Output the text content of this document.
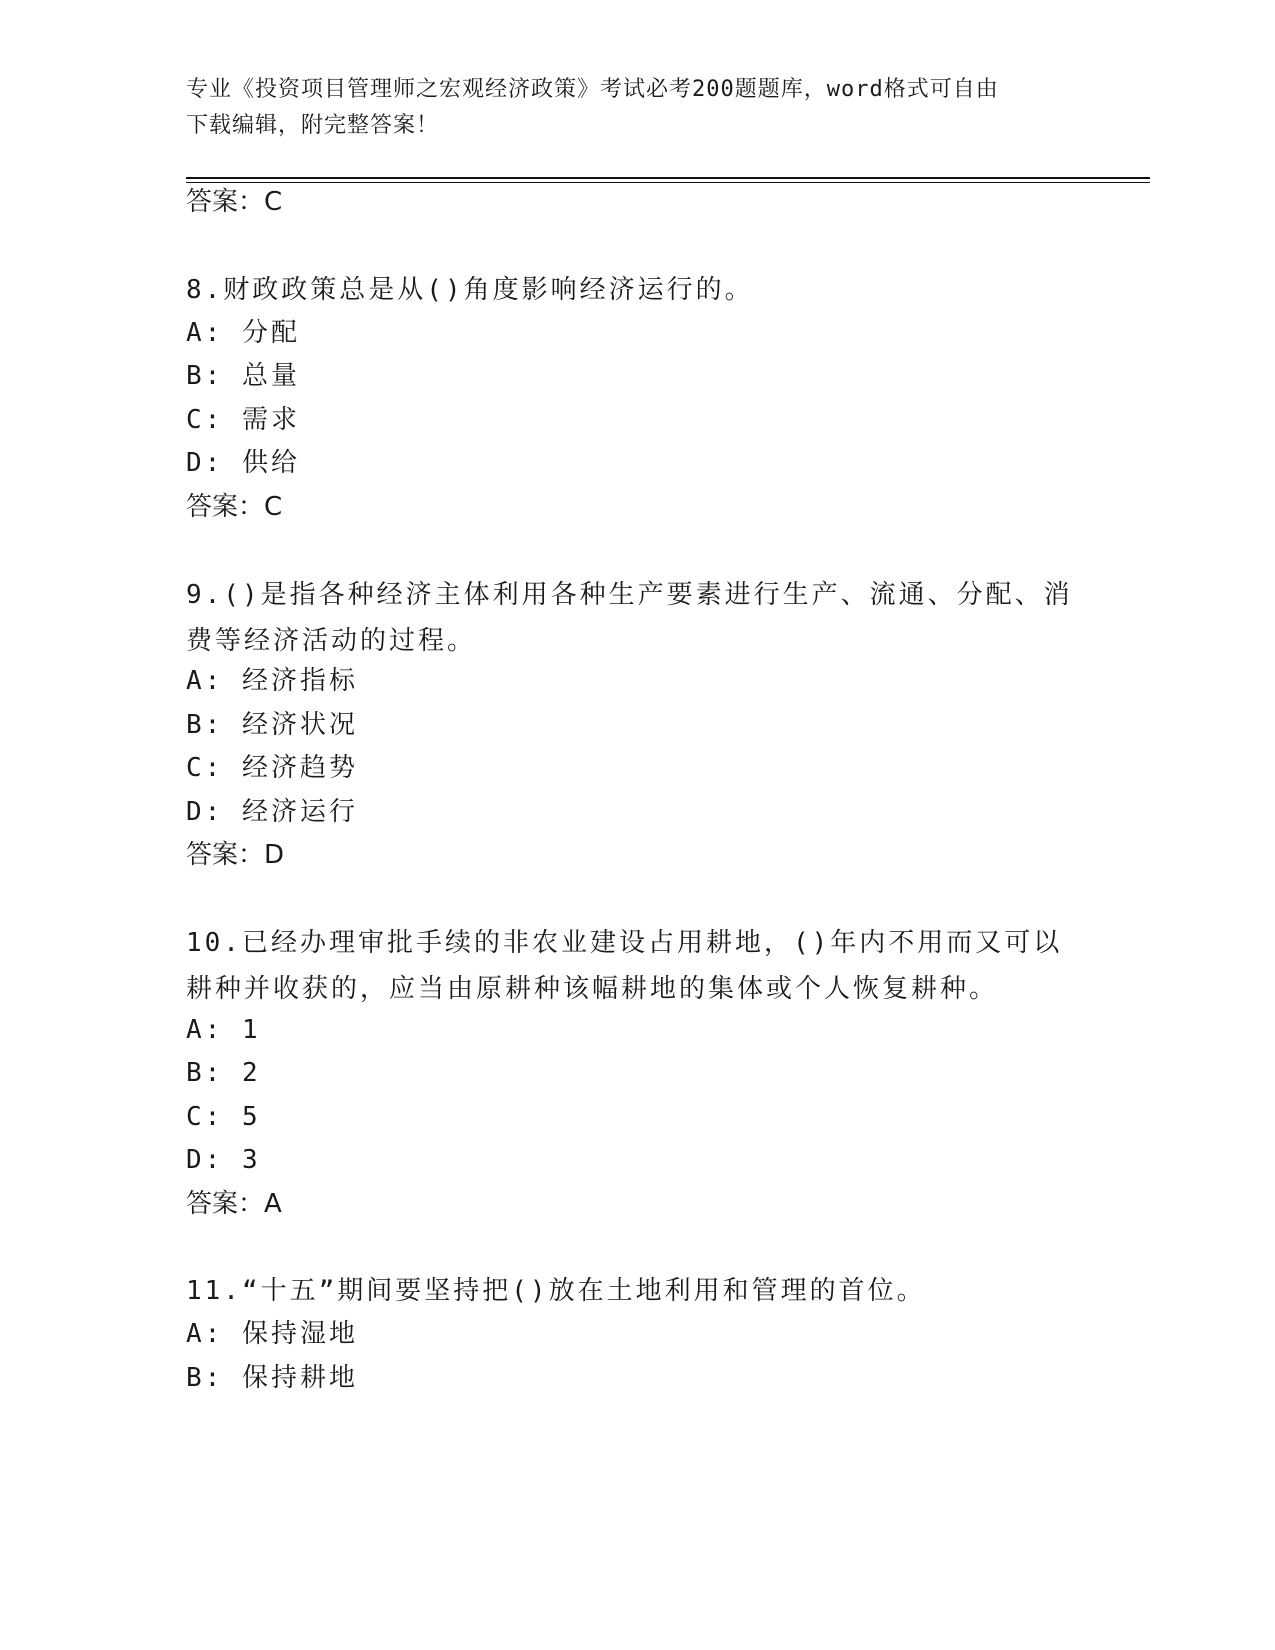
专业《投资项目管理师之宏观经济政策》考试必考200题题库，word格式可自由
下载编辑，附完整答案！
答案：C
8.财政政策总是从()角度影响经济运行的。
A: 分配
B: 总量
C: 需求
D: 供给
答案：C
9.()是指各种经济主体利用各种生产要素进行生产、流通、分配、消费等经济活动的过程。
A: 经济指标
B: 经济状况
C: 经济趋势
D: 经济运行
答案：D
10.已经办理审批手续的非农业建设占用耕地，()年内不用而又可以耕种并收获的，应当由原耕种该幅耕地的集体或个人恢复耕种。
A: 1
B: 2
C: 5
D: 3
答案：A
11.“十五”期间要坚持把()放在土地利用和管理的首位。
A: 保持湿地
B: 保持耕地
